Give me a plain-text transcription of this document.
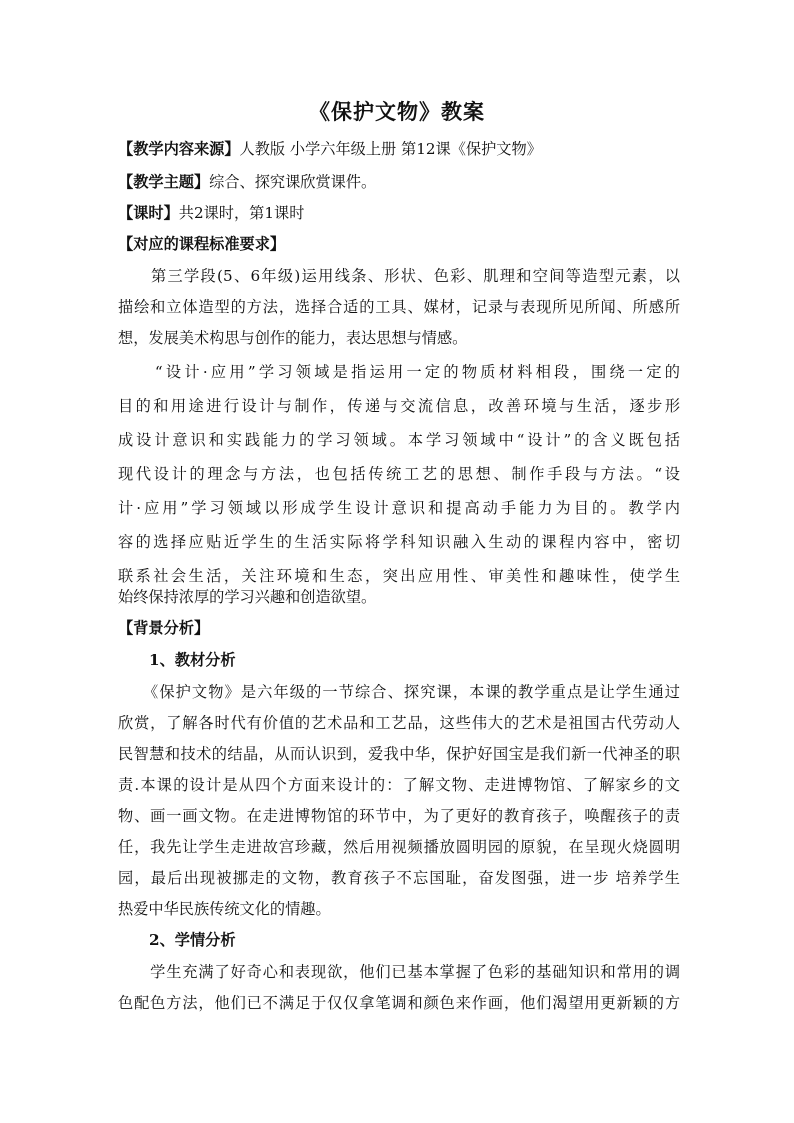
《保护文物》教案
【教学内容来源】人教版 小学六年级上册 第12课《保护文物》
【教学主题】综合、探究课欣赏课件。
【课时】共2课时，第1课时
【对应的课程标准要求】
　　第三学段(5、6年级)运用线条、形状、色彩、肌理和空间等造型元素，以
描绘和立体造型的方法，选择合适的工具、媒材，记录与表现所见所闻、所感所
想，发展美术构思与创作的能力，表达思想与情感。
　　“设计·应用”学习领域是指运用一定的物质材料相段，围绕一定的
目的和用途进行设计与制作，传递与交流信息，改善环境与生活，逐步形
成设计意识和实践能力的学习领域。本学习领域中“设计”的含义既包括
现代设计的理念与方法，也包括传统工艺的思想、制作手段与方法。“设
计·应用”学习领域以形成学生设计意识和提高动手能力为目的。教学内
容的选择应贴近学生的生活实际将学科知识融入生动的课程内容中，密切
联系社会生活，关注环境和生态，突出应用性、审美性和趣味性，使学生
始终保持浓厚的学习兴趣和创造欲望。
【背景分析】
1、教材分析
　　《保护文物》是六年级的一节综合、探究课，本课的教学重点是让学生通过
欣赏，了解各时代有价值的艺术品和工艺品，这些伟大的艺术是祖国古代劳动人
民智慧和技术的结晶，从而认识到，爱我中华，保护好国宝是我们新一代神圣的职
责.本课的设计是从四个方面来设计的：了解文物、走进博物馆、了解家乡的文
物、画一画文物。在走进博物馆的环节中，为了更好的教育孩子，唤醒孩子的责
任，我先让学生走进故宫珍藏，然后用视频播放圆明园的原貌，在呈现火烧圆明
园，最后出现被挪走的文物，教育孩子不忘国耻，奋发图强，进一步 培养学生
热爱中华民族传统文化的情趣。
2、学情分析
　　学生充满了好奇心和表现欲，他们已基本掌握了色彩的基础知识和常用的调
色配色方法，他们已不满足于仅仅拿笔调和颜色来作画，他们渴望用更新颖的方
